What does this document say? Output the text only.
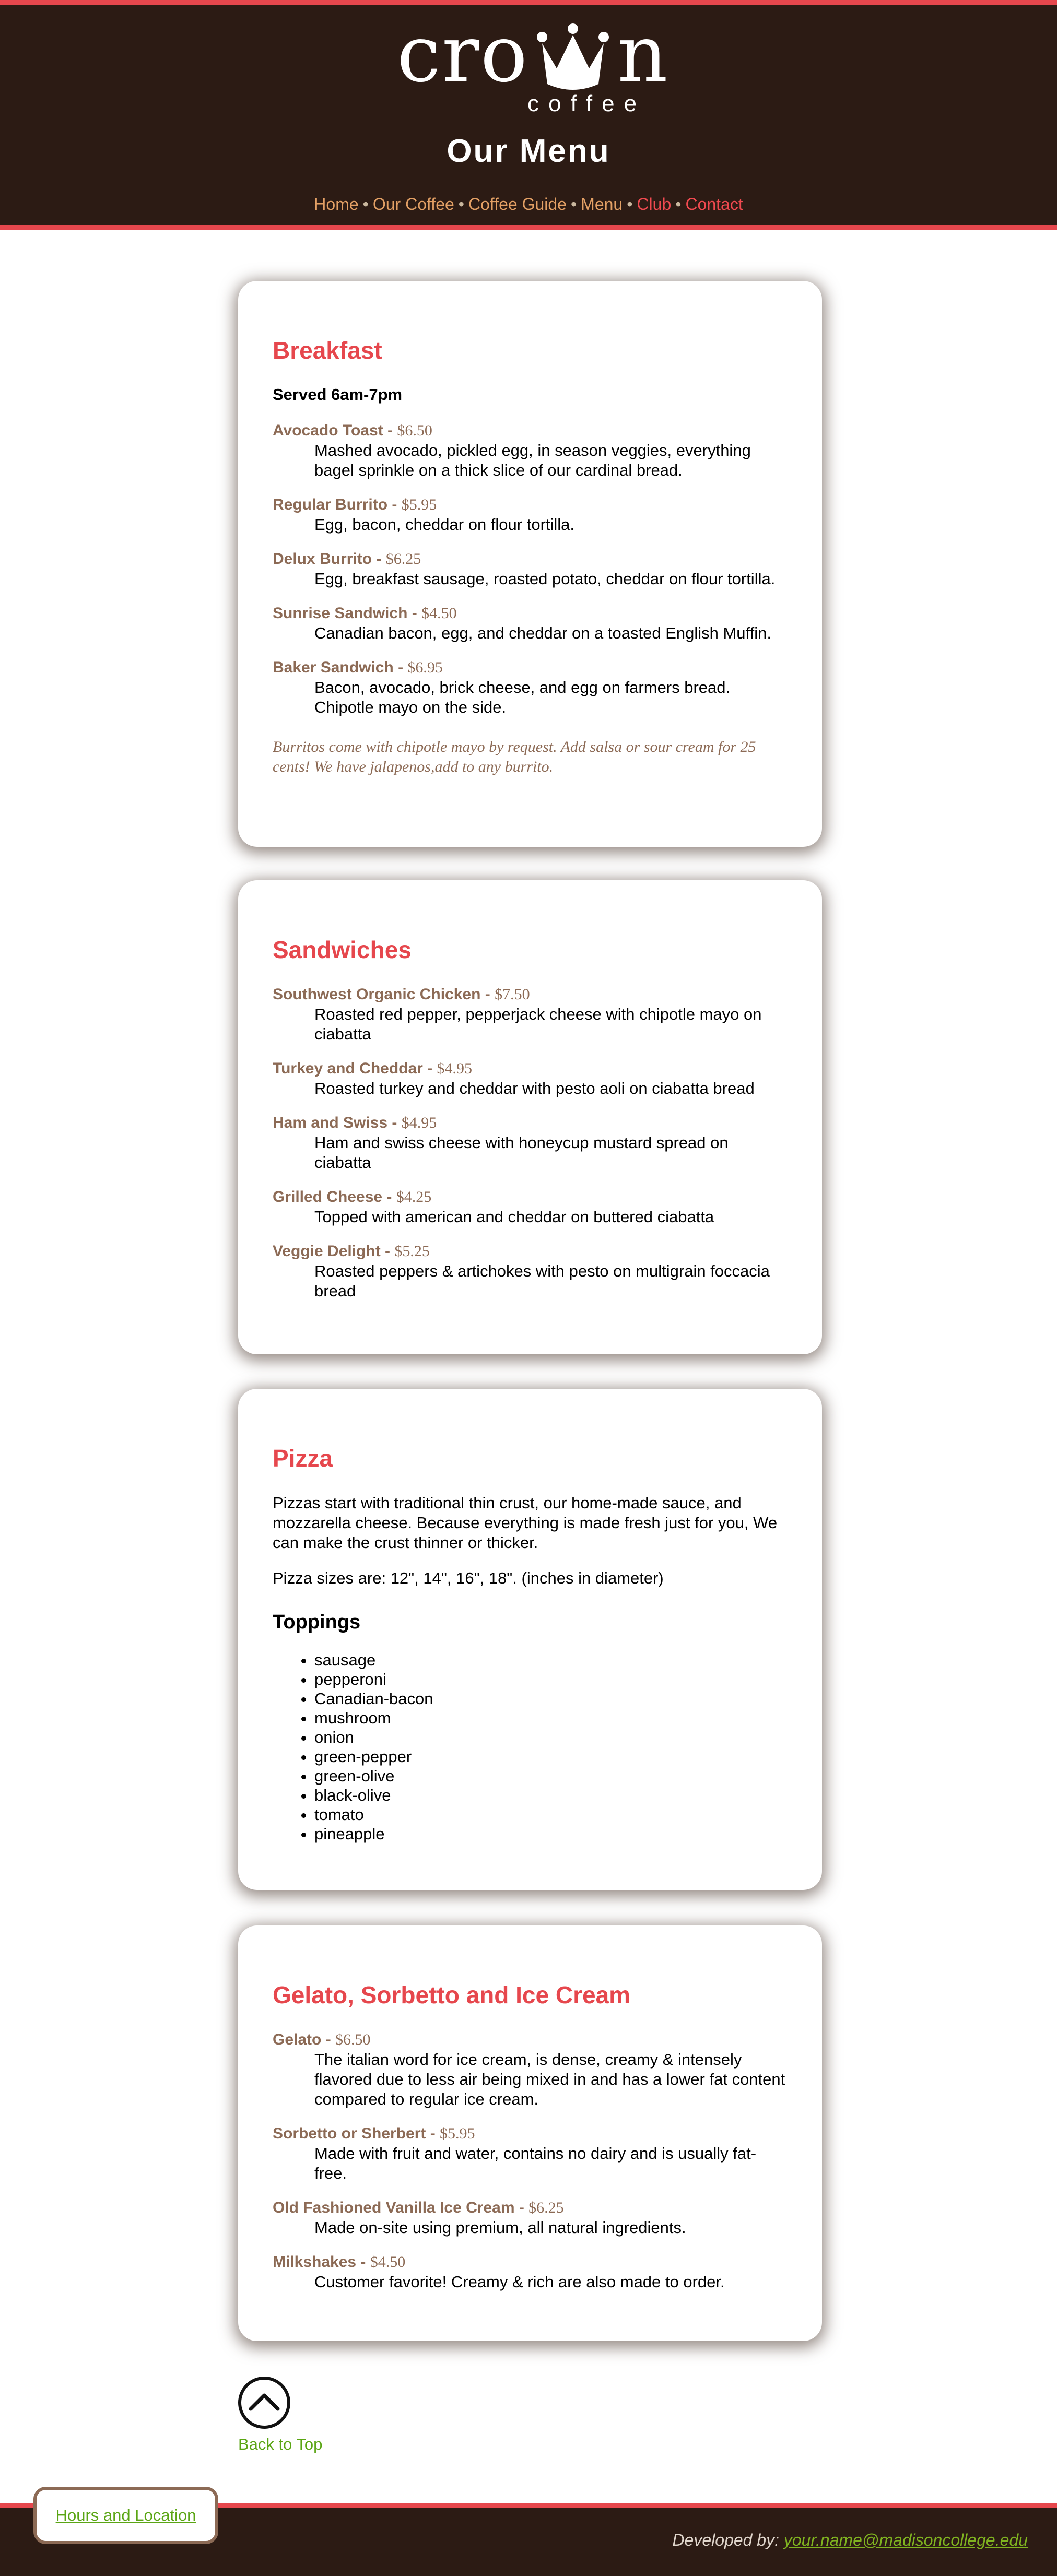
cro n
coffee
Our Menu
Home • Our Coffee • Coffee Guide • Menu • Club • Contact
Breakfast
Served 6am-7pm
Avocado Toast - $6.50
Mashed avocado, pickled egg, in season veggies, everything bagel sprinkle on a thick slice of our cardinal bread.
Regular Burrito - $5.95
Egg, bacon, cheddar on flour tortilla.
Delux Burrito - $6.25
Egg, breakfast sausage, roasted potato, cheddar on flour tortilla.
Sunrise Sandwich - $4.50
Canadian bacon, egg, and cheddar on a toasted English Muffin.
Baker Sandwich - $6.95
Bacon, avocado, brick cheese, and egg on farmers bread. Chipotle mayo on the side.

Burritos come with chipotle mayo by request. Add salsa or sour cream for 25 cents! We have jalapenos,add to any burrito.

Sandwiches
Southwest Organic Chicken - $7.50
Roasted red pepper, pepperjack cheese with chipotle mayo on ciabatta
Turkey and Cheddar - $4.95
Roasted turkey and cheddar with pesto aoli on ciabatta bread
Ham and Swiss - $4.95
Ham and swiss cheese with honeycup mustard spread on ciabatta
Grilled Cheese - $4.25
Topped with american and cheddar on buttered ciabatta
Veggie Delight - $5.25
Roasted peppers & artichokes with pesto on multigrain foccacia bread
Pizza

Pizzas start with traditional thin crust, our home-made sauce, and mozzarella cheese. Because everything is made fresh just for you, We can make the crust thinner or thicker.

Pizza sizes are: 12", 14", 16", 18". (inches in diameter)

Toppings
• sausage
• pepperoni
• Canadian-bacon
• mushroom
• onion
• green-pepper
• green-olive
• black-olive
• tomato
• pineapple
Gelato, Sorbetto and Ice Cream
Gelato - $6.50
The italian word for ice cream, is dense, creamy & intensely flavored due to less air being mixed in and has a lower fat content compared to regular ice cream.
Sorbetto or Sherbert - $5.95
Made with fruit and water, contains no dairy and is usually fat-free.
Old Fashioned Vanilla Ice Cream - $6.25
Made on-site using premium, all natural ingredients.
Milkshakes - $4.50
Customer favorite! Creamy & rich are also made to order.
Back to Top
Developed by: your.name@madisoncollege.edu
Hours and Location
